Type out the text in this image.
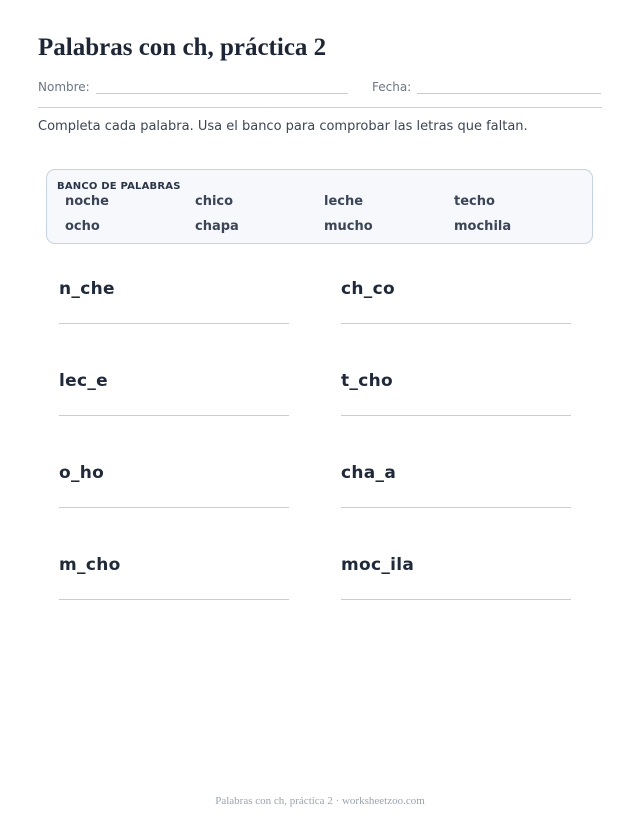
Palabras con ch, práctica 2
Nombre:	Fecha:

Completa cada palabra. Usa el banco para comprobar las letras que faltan.

BANCO DE PALABRAS
noche	chico	leche	techo
ocho	chapa	mucho	mochila
n_che	ch_co
lec_e	t_cho
o_ho	cha_a
m_cho	moc_ila
Palabras con ch, práctica 2 · worksheetzoo.com
